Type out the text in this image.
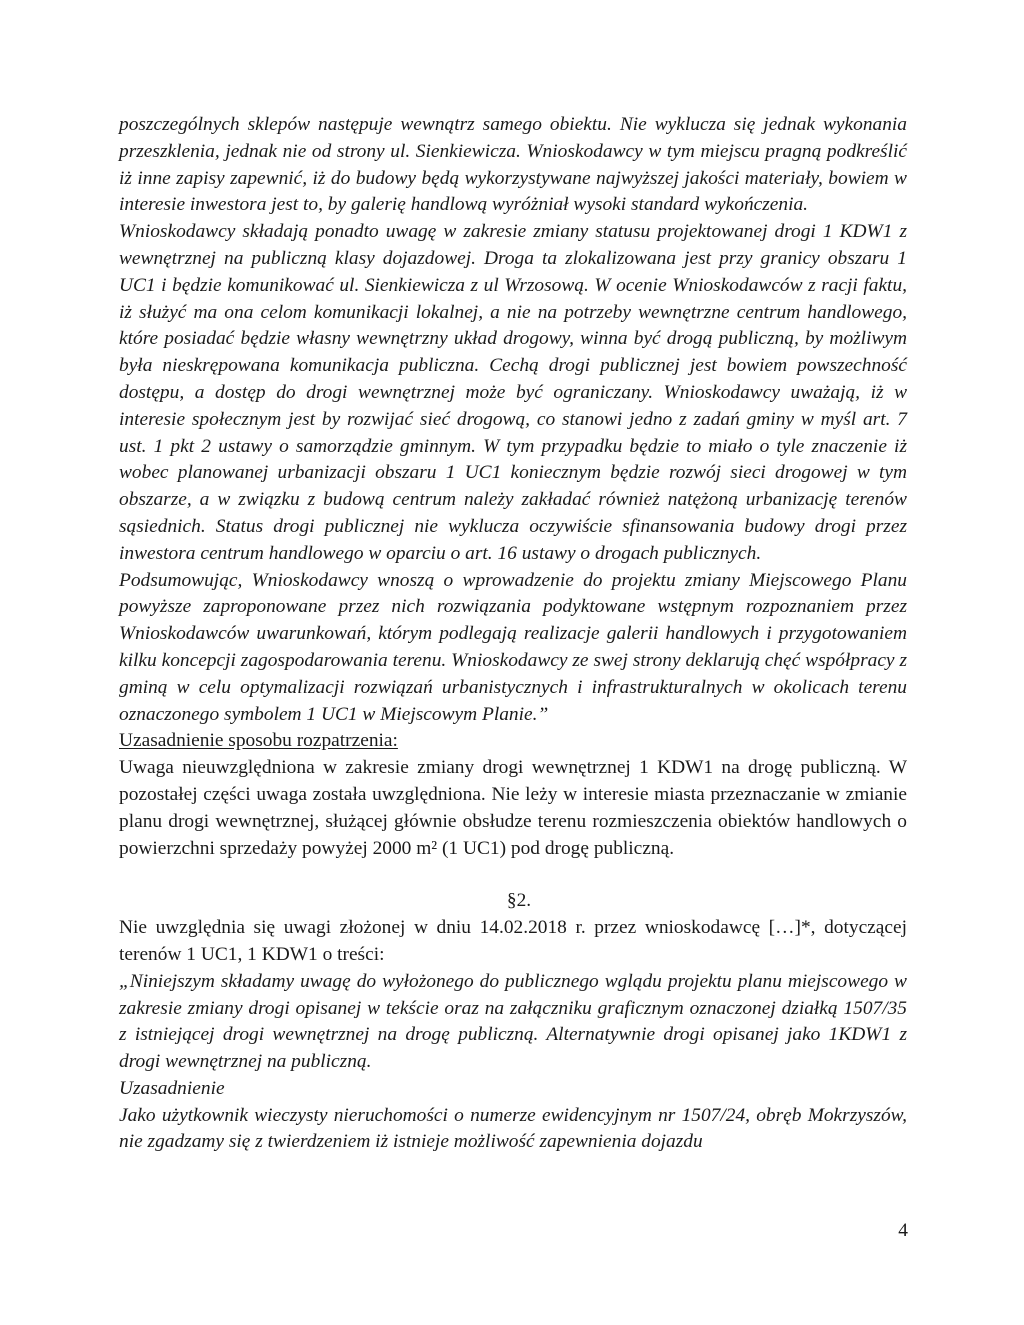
poszczególnych sklepów następuje wewnątrz samego obiektu. Nie wyklucza się jednak wykonania przeszklenia, jednak nie od strony ul. Sienkiewicza. Wnioskodawcy w tym miejscu pragną podkreślić iż inne zapisy zapewnić, iż do budowy będą wykorzystywane najwyższej jakości materiały, bowiem w interesie inwestora jest to, by galerię handlową wyróżniał wysoki standard wykończenia.

Wnioskodawcy składają ponadto uwagę w zakresie zmiany statusu projektowanej drogi 1 KDW1 z wewnętrznej na publiczną klasy dojazdowej. Droga ta zlokalizowana jest przy granicy obszaru 1 UC1 i będzie komunikować ul. Sienkiewicza z ul Wrzosową. W ocenie Wnioskodawców z racji faktu, iż służyć ma ona celom komunikacji lokalnej, a nie na potrzeby wewnętrzne centrum handlowego, które posiadać będzie własny wewnętrzny układ drogowy, winna być drogą publiczną, by możliwym była nieskrępowana komunikacja publiczna. Cechą drogi publicznej jest bowiem powszechność dostępu, a dostęp do drogi wewnętrznej może być ograniczany. Wnioskodawcy uważają, iż w interesie społecznym jest by rozwijać sieć drogową, co stanowi jedno z zadań gminy w myśl art. 7 ust. 1 pkt 2 ustawy o samorządzie gminnym. W tym przypadku będzie to miało o tyle znaczenie iż wobec planowanej urbanizacji obszaru 1 UC1 koniecznym będzie rozwój sieci drogowej w tym obszarze, a w związku z budową centrum należy zakładać również natężoną urbanizację terenów sąsiednich. Status drogi publicznej nie wyklucza oczywiście sfinansowania budowy drogi przez inwestora centrum handlowego w oparciu o art. 16 ustawy o drogach publicznych.

Podsumowując, Wnioskodawcy wnoszą o wprowadzenie do projektu zmiany Miejscowego Planu powyższe zaproponowane przez nich rozwiązania podyktowane wstępnym rozpoznaniem przez Wnioskodawców uwarunkowań, którym podlegają realizacje galerii handlowych i przygotowaniem kilku koncepcji zagospodarowania terenu. Wnioskodawcy ze swej strony deklarują chęć współpracy z gminą w celu optymalizacji rozwiązań urbanistycznych i infrastrukturalnych w okolicach terenu oznaczonego symbolem 1 UC1 w Miejscowym Planie.”

Uzasadnienie sposobu rozpatrzenia:

Uwaga nieuwzględniona w zakresie zmiany drogi wewnętrznej 1 KDW1 na drogę publiczną. W pozostałej części uwaga została uwzględniona. Nie leży w interesie miasta przeznaczanie w zmianie planu drogi wewnętrznej, służącej głównie obsłudze terenu rozmieszczenia obiektów handlowych o powierzchni sprzedaży powyżej 2000 m² (1 UC1) pod drogę publiczną.

§2.

Nie uwzględnia się uwagi złożonej w dniu 14.02.2018 r. przez wnioskodawcę […]*, dotyczącej terenów 1 UC1, 1 KDW1 o treści:

„Niniejszym składamy uwagę do wyłożonego do publicznego wglądu projektu planu miejscowego w zakresie zmiany drogi opisanej w tekście oraz na załączniku graficznym oznaczonej działką 1507/35 z istniejącej drogi wewnętrznej na drogę publiczną. Alternatywnie drogi opisanej jako 1KDW1 z drogi wewnętrznej na publiczną.

Uzasadnienie

Jako użytkownik wieczysty nieruchomości o numerze ewidencyjnym nr 1507/24, obręb Mokrzyszów, nie zgadzamy się z twierdzeniem iż istnieje możliwość zapewnienia dojazdu

4
